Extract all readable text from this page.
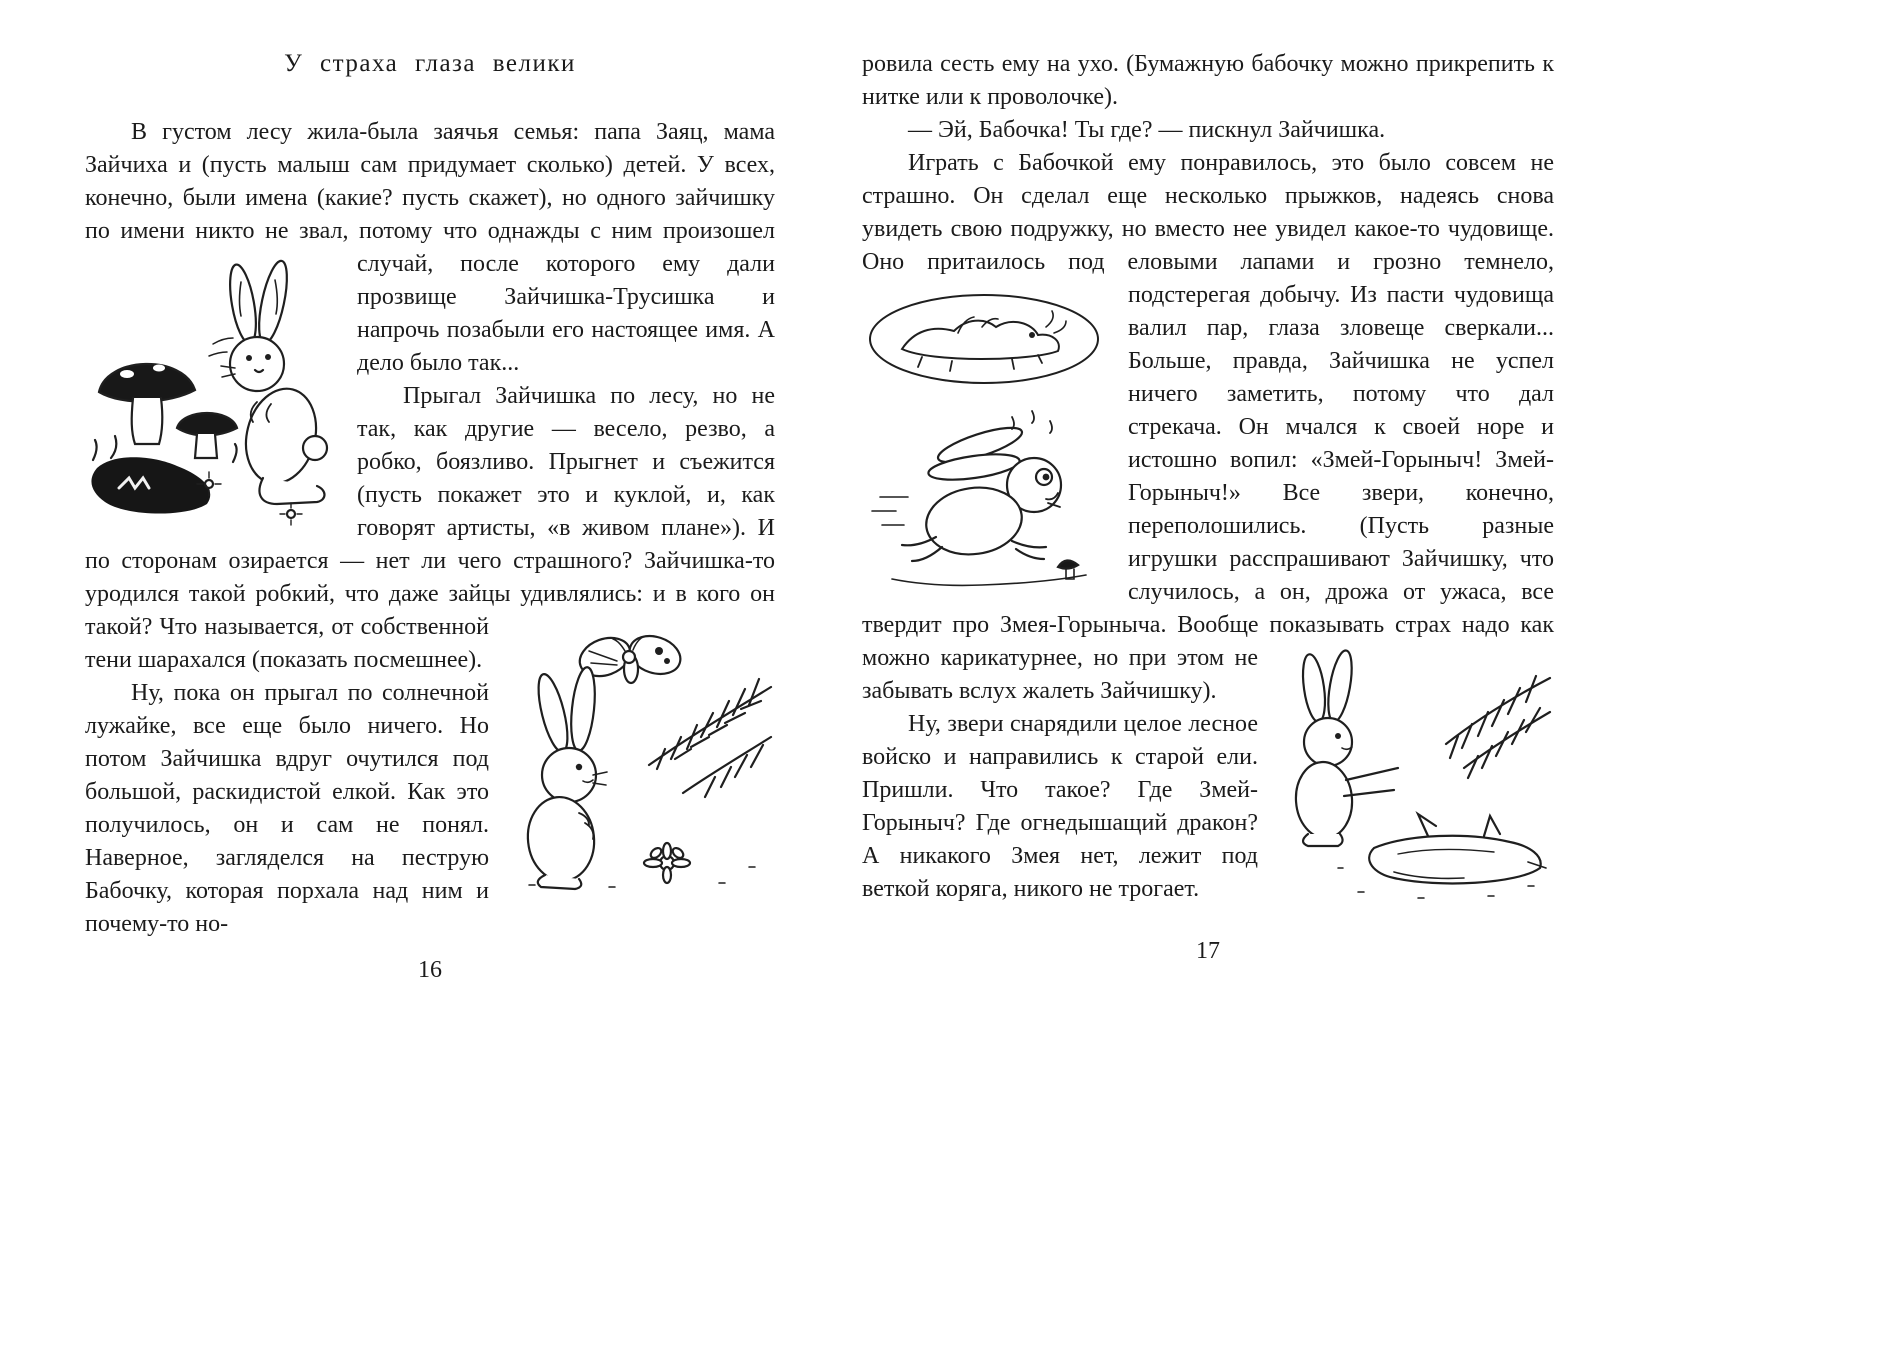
У страха глаза велики

В густом лесу жила-была заячья семья: папа Заяц, мама Зайчиха и (пусть малыш сам придумает сколько) детей. У всех, конечно, были имена (какие? пусть скажет), но одного зайчишку по имени никто не звал, потому что однажды с ним произошел случай, после которого ему дали
прозвище Зайчишка-Трусишка и напрочь позабыли его настоящее имя. А дело было так...

Прыгал Зайчишка по лесу, но не так, как другие — весело, резво, а робко, боязливо. Прыгнет и съежится (пусть покажет это и куклой, и, как говорят артисты, «в живом плане»). И по сторонам озирается — нет ли чего страшного? Зайчишка-то уродился такой робкий, что даже зайцы удивлялись: и в кого он такой?
Что называется, от собственной тени шарахался (показать посмешнее).

Ну, пока он прыгал по солнечной лужайке, все еще было ничего. Но потом Зайчишка вдруг очутился под большой, раскидистой елкой. Как это получилось, он и сам не понял. Наверное, загляделся на пеструю Бабочку, которая порхала над ним и почему-то но-

16

ровила сесть ему на ухо. (Бумажную бабочку можно прикрепить к нитке или к проволочке).

— Эй, Бабочка! Ты где? — пискнул Зайчишка.

Играть с Бабочкой ему понравилось, это было совсем не страшно. Он сделал еще несколько прыжков, надеясь снова увидеть свою подружку, но вместо нее увидел какое-то чудовище. Оно притаилось под еловыми лапами и грозно
темнело, подстерегая добычу. Из пасти чудовища валил пар, глаза зловеще сверкали... Больше, правда, Зайчишка не успел ничего заметить, потому что дал стрекача. Он мчался к своей норе и истошно вопил: «Змей-Горыныч! Змей-Горыныч!» Все звери, конечно, переполошились. (Пусть разные игрушки расспрашивают Зайчишку, что случилось, а он, дрожа от ужаса, все твердит про Змея-Горыныча. Вообще показывать страх
надо как можно карикатурнее, но при этом не забывать вслух жалеть Зайчишку).

Ну, звери снарядили целое лесное войско и направились к старой ели. Пришли. Что такое? Где Змей-Горыныч? Где огнедышащий дракон? А никакого Змея нет, лежит под веткой коряга, никого не трогает.

17
